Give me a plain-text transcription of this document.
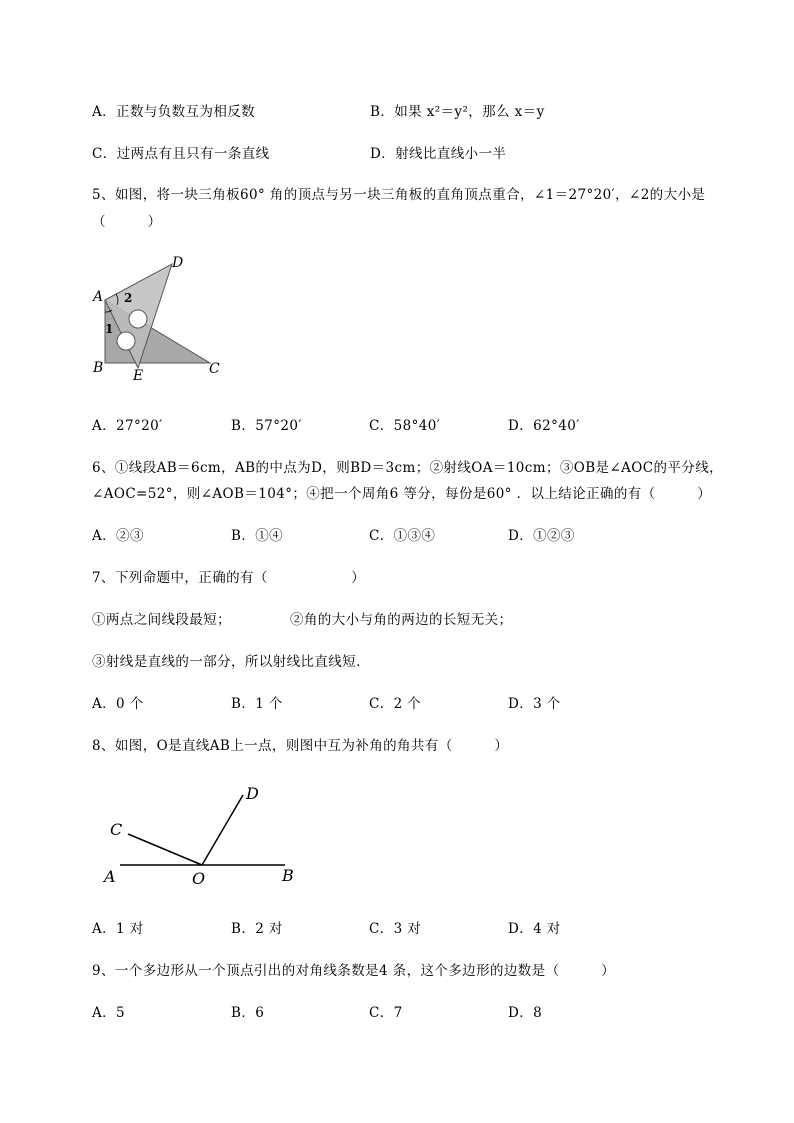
A．正数与负数互为相反数	B．如果 x²＝y²，那么 x＝y
C．过两点有且只有一条直线	D．射线比直线小一半
5、如图，将一块三角板60° 角的顶点与另一块三角板的直角顶点重合，∠1＝27°20′，∠2的大小是
（　　　）
A
B	C
D
E
1
2
A．27°20′	B．57°20′	C．58°40′	D．62°40′
6、①线段AB＝6cm，AB的中点为D，则BD＝3cm；②射线OA＝10cm；③OB是∠AOC的平分线，
∠AOC=52°，则∠AOB＝104°；④把一个周角6 等分，每份是60° ．以上结论正确的有（　　　）
A．②③	B．①④	C．①③④	D．①②③
7、下列命题中，正确的有（　　　　　　）
①两点之间线段最短；	②角的大小与角的两边的长短无关；
③射线是直线的一部分，所以射线比直线短．
A．0 个	B．1 个	C．2 个	D．3 个
8、如图，O是直线AB上一点，则图中互为补角的角共有（　　　）
A	B
C
D
O
A．1 对	B．2 对	C．3 对	D．4 对
9、一个多边形从一个顶点引出的对角线条数是4 条，这个多边形的边数是（　　　）
A．5	B．6	C．7	D．8
